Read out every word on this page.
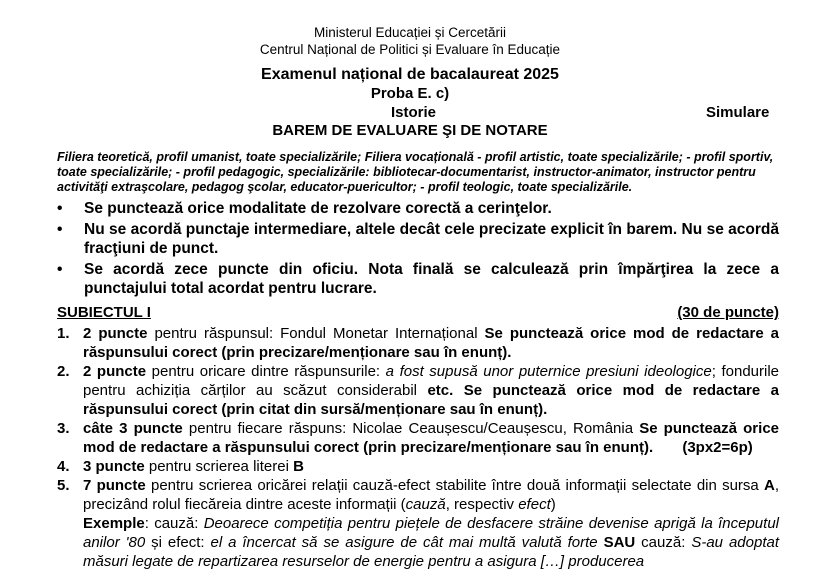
Ministerul Educației și Cercetării
Centrul Național de Politici și Evaluare în Educație
Examenul național de bacalaureat 2025
Proba E. c)
Istorie	Simulare
BAREM DE EVALUARE ŞI DE NOTARE
Filiera teoretică, profil umanist, toate specializările; Filiera vocațională - profil artistic, toate specializările; - profil sportiv, toate specializările; - profil pedagogic, specializările: bibliotecar-documentarist, instructor-animator, instructor pentru activităţi extraşcolare, pedagog şcolar, educator-puericultor; - profil teologic, toate specializările.
• Se punctează orice modalitate de rezolvare corectă a cerinţelor.
• Nu se acordă punctaje intermediare, altele decât cele precizate explicit în barem. Nu se acordă fracţiuni de punct.
• Se acordă zece puncte din oficiu. Nota finală se calculează prin împărţirea la zece a punctajului total acordat pentru lucrare.
SUBIECTUL I	(30 de puncte)
1. 2 puncte pentru răspunsul: Fondul Monetar Internațional Se punctează orice mod de redactare a răspunsului corect (prin precizare/menționare sau în enunț).
2. 2 puncte pentru oricare dintre răspunsurile: a fost supusă unor puternice presiuni ideologice; fondurile pentru achiziția cărților au scăzut considerabil etc. Se punctează orice mod de redactare a răspunsului corect (prin citat din sursă/menționare sau în enunț).
3. câte 3 puncte pentru fiecare răspuns: Nicolae Ceaușescu/Ceaușescu, România Se punctează orice mod de redactare a răspunsului corect (prin precizare/menționare sau în enunț). (3px2=6p)
4. 3 puncte pentru scrierea literei B
5. 7 puncte pentru scrierea oricărei relații cauză-efect stabilite între două informații selectate din sursa A, precizând rolul fiecăreia dintre aceste informații (cauză, respectiv efect)
Exemple: cauză: Deoarece competiția pentru piețele de desfacere străine devenise aprigă la începutul anilor '80 și efect: el a încercat să se asigure de cât mai multă valută forte SAU cauză: S-au adoptat măsuri legate de repartizarea resurselor de energie pentru a asigura […] producerea
